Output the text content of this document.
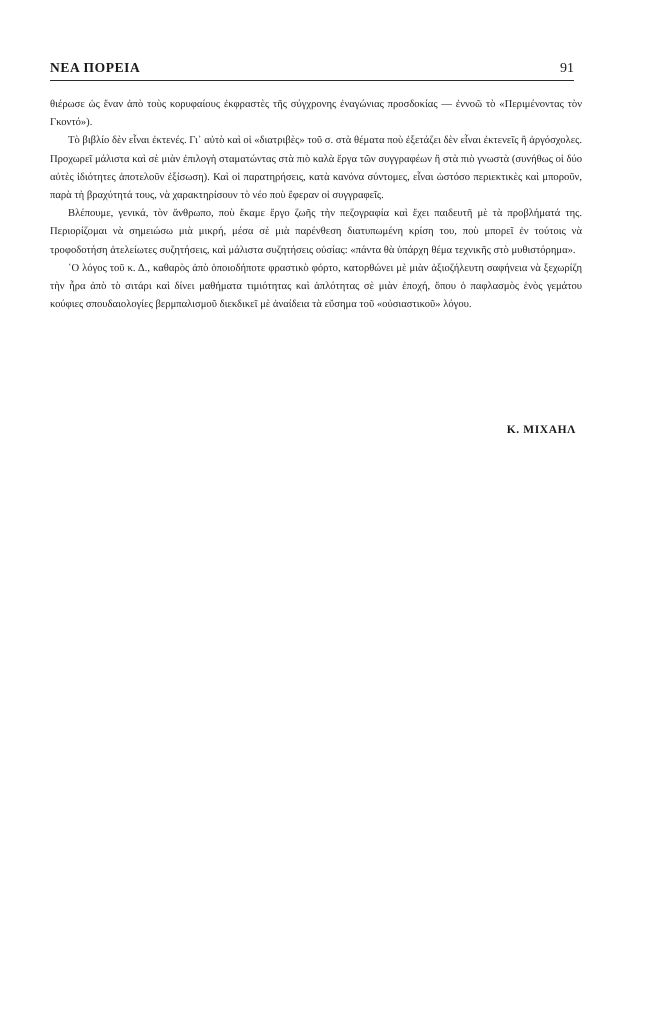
ΝΕΑ ΠΟΡΕΙΑ	91

θιέρωσε ὡς ἕναν ἀπὸ τοὺς κορυφαίους ἐκφραστὲς τῆς σύγχρονης ἐναγώνιας προσδοκίας — ἐννοῶ τὸ «Περιμένοντας τὸν Γκοντό»).

Τὸ βιβλίο δὲν εἶναι ἐκτενές. Γι᾿ αὐτὸ καὶ οἱ «διατριβὲς» τοῦ σ. στὰ θέματα ποὺ ἐξετάζει δὲν εἶναι ἐκτενεῖς ἢ ἀργόσχολες. Προχωρεῖ μάλιστα καὶ σὲ μιὰν ἐπιλογὴ σταματώντας στὰ πιὸ καλὰ ἔργα τῶν συγγραφέων ἢ στὰ πιὸ γνωστὰ (συνήθως οἱ δύο αὐτὲς ἰδιότητες ἀποτελοῦν ἐξίσωση). Καὶ οἱ παρατηρήσεις, κατὰ κανόνα σύντομες, εἶναι ὡστόσο περιεκτικὲς καὶ μποροῦν, παρὰ τὴ βραχύτητά τους, νὰ χαρακτηρίσουν τὸ νέο ποὺ ἔφεραν οἱ συγγραφεῖς.

Βλέπουμε, γενικά, τὸν ἄνθρωπο, ποὺ ἔκαμε ἔργο ζωῆς τὴν πεζογραφία καὶ ἔχει παιδευτῆ μὲ τὰ προβλήματά της. Περιορίζομαι νὰ σημειώσω μιὰ μικρή, μέσα σὲ μιὰ παρένθεση διατυπωμένη κρίση του, ποὺ μπορεῖ ἐν τούτοις νὰ τροφοδοτήση ἀτελείωτες συζητήσεις, καὶ μάλιστα συζητήσεις οὐσίας: «πάντα θὰ ὑπάρχη θέμα τεχνικῆς στὸ μυθιστόρημα».

῾Ο λόγος τοῦ κ. Δ., καθαρὸς ἀπὸ ὁποιοδήποτε φραστικὸ φόρτο, κατορθώνει μὲ μιὰν ἀξιοζήλευτη σαφήνεια νὰ ξεχωρίζη τὴν ἦρα ἀπὸ τὸ σιτάρι καὶ δίνει μαθήματα τιμιότητας καὶ ἁπλότητας σὲ μιὰν ἐποχή, ὅπου ὁ παφλασμὸς ἑνὸς γεμάτου κούφιες σπουδαιολογίες βερμπαλισμοῦ διεκδικεῖ μὲ ἀναίδεια τὰ εὔσημα τοῦ «οὐσιαστικοῦ» λόγου.

Κ. ΜΙΧΑΗΛ
